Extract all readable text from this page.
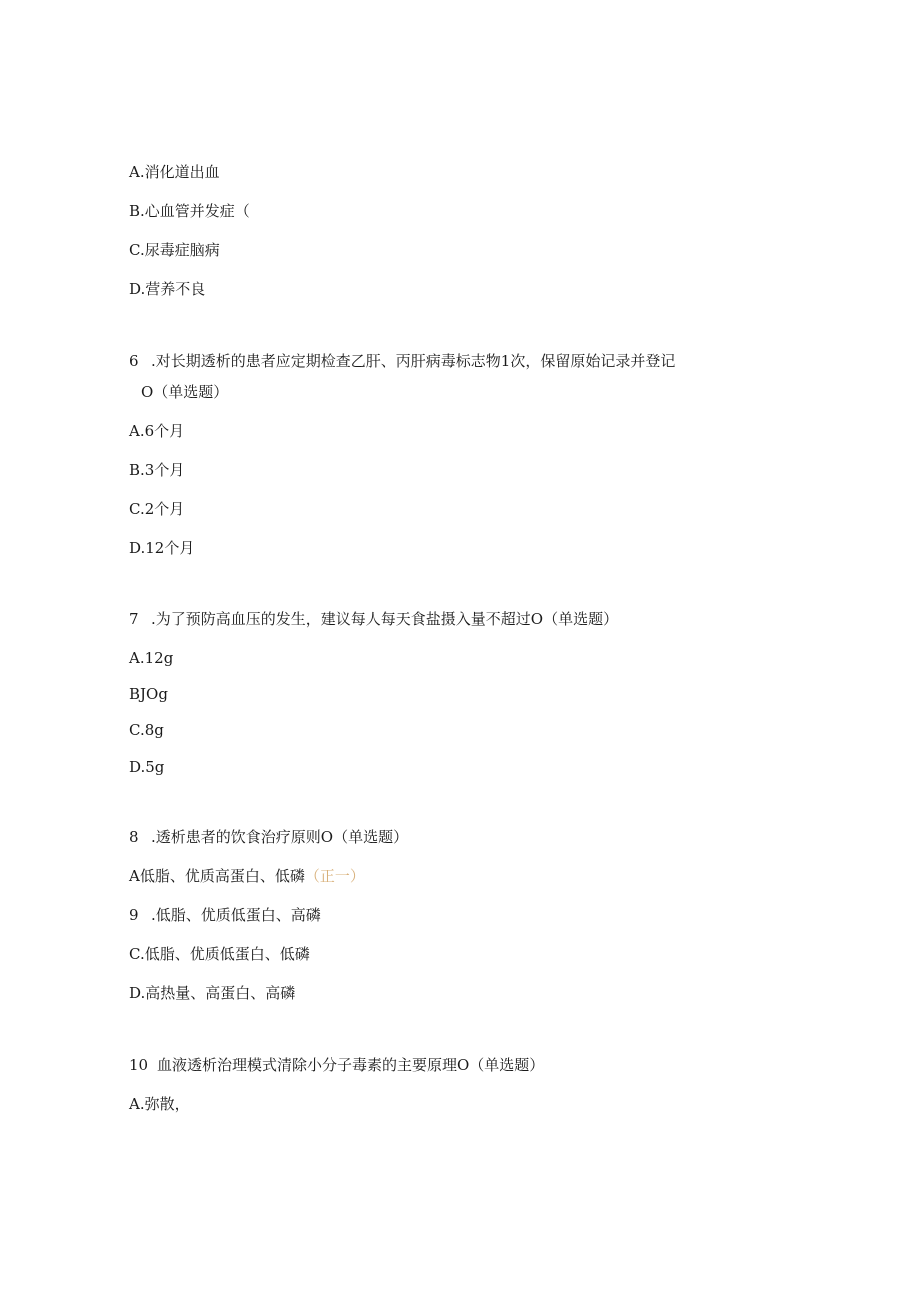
A.消化道出血
B.心血管并发症（
C.尿毒症脑病
D.营养不良
6 .对长期透析的患者应定期检查乙肝、丙肝病毒标志物1次，保留原始记录并登记
O（单选题）
A.6个月
B.3个月
C.2个月
D.12个月
7 .为了预防高血压的发生，建议每人每天食盐摄入量不超过O（单选题）
A.12g
BJOg
C.8g
D.5g
8 .透析患者的饮食治疗原则O（单选题）
A低脂、优质高蛋白、低磷（正一）
9 .低脂、优质低蛋白、高磷
C.低脂、优质低蛋白、低磷
D.高热量、高蛋白、高磷
10 血液透析治理模式清除小分子毒素的主要原理O（单选题）
A.弥散，
